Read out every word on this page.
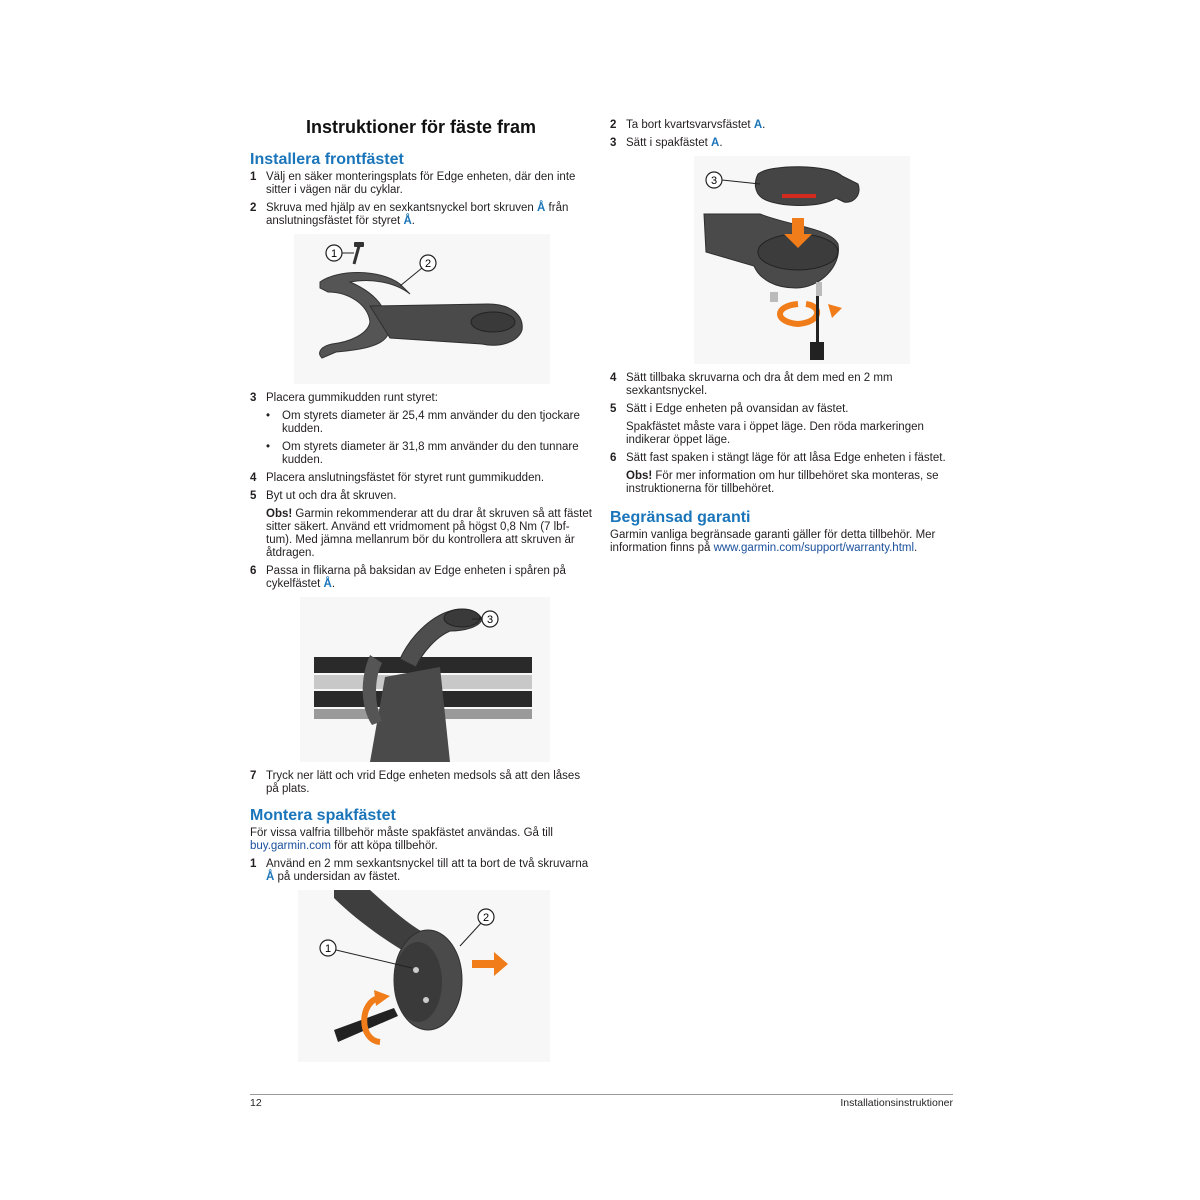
Instruktioner för fäste fram
Installera frontfästet
1 Välj en säker monteringsplats för Edge enheten, där den inte sitter i vägen när du cyklar.
2 Skruva med hjälp av en sexkantsnyckel bort skruven Å från anslutningsfästet för styret Å.
1
2
3 Placera gummikudden runt styret:
•	Om styrets diameter är 25,4 mm använder du den tjockare kudden.
•	Om styrets diameter är 31,8 mm använder du den tunnare kudden.
4 Placera anslutningsfästet för styret runt gummikudden.
5 Byt ut och dra åt skruven.
Obs! Garmin rekommenderar att du drar åt skruven så att fästet sitter säkert. Använd ett vridmoment på högst 0,8 Nm (7 lbf-tum). Med jämna mellanrum bör du kontrollera att skruven är åtdragen.
6 Passa in flikarna på baksidan av Edge enheten i spåren på cykelfästet Å.
3
7 Tryck ner lätt och vrid Edge enheten medsols så att den låses på plats.
Montera spakfästet
För vissa valfria tillbehör måste spakfästet användas. Gå till buy.garmin.com för att köpa tillbehör.
1 Använd en 2 mm sexkantsnyckel till att ta bort de två skruvarna Å på undersidan av fästet.
1
2
2 Ta bort kvartsvarvsfästet A.
3 Sätt i spakfästet A.
3
4 Sätt tillbaka skruvarna och dra åt dem med en 2 mm sexkantsnyckel.
5 Sätt i Edge enheten på ovansidan av fästet.
Spakfästet måste vara i öppet läge. Den röda markeringen indikerar öppet läge.
6 Sätt fast spaken i stängt läge för att låsa Edge enheten i fästet.
Obs! För mer information om hur tillbehöret ska monteras, se instruktionerna för tillbehöret.
Begränsad garanti
Garmin vanliga begränsade garanti gäller för detta tillbehör. Mer information finns på www.garmin.com/support/warranty.html.
12	Installationsinstruktioner
